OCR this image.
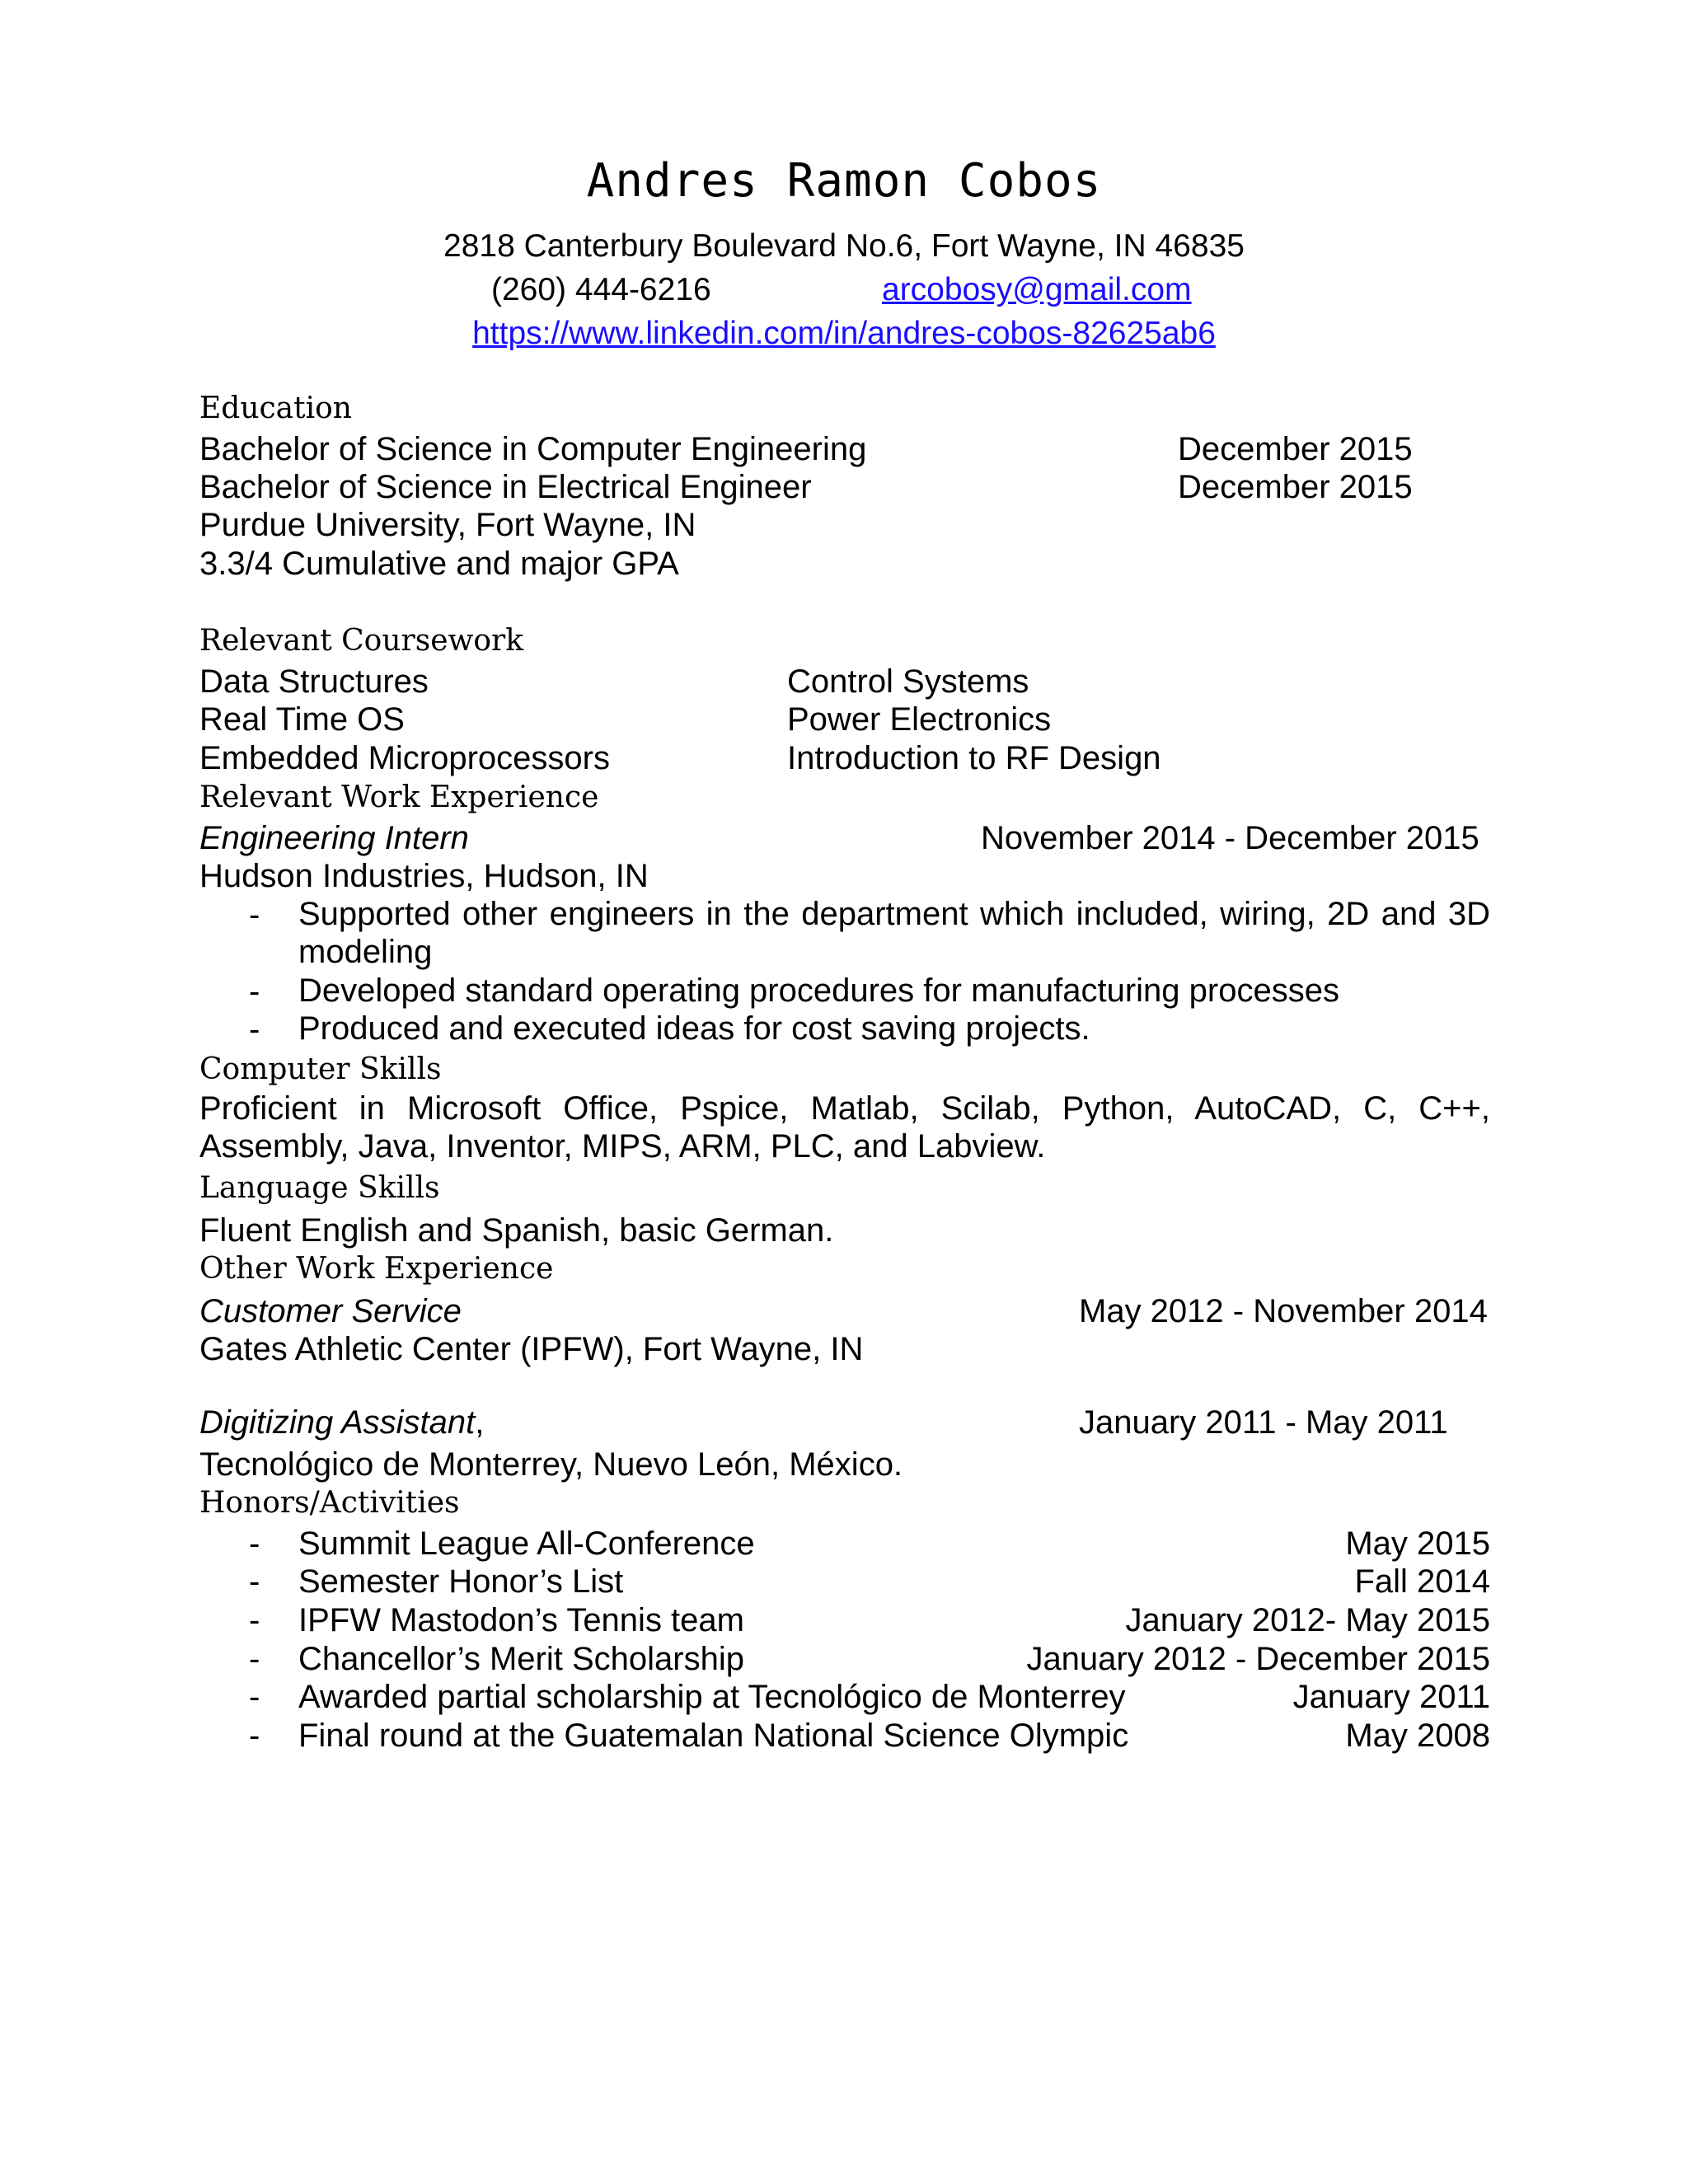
Andres Ramon Cobos
2818 Canterbury Boulevard No.6, Fort Wayne, IN 46835
(260) 444-6216	arcobosy@gmail.com
https://www.linkedin.com/in/andres-cobos-82625ab6
Education
Bachelor of Science in Computer Engineering	December 2015
Bachelor of Science in Electrical Engineer	December 2015
Purdue University, Fort Wayne, IN
3.3/4 Cumulative and major GPA
Relevant Coursework
Data Structures	Control Systems
Real Time OS	Power Electronics
Embedded Microprocessors	Introduction to RF Design
Relevant Work Experience
Engineering Intern	November 2014 - December 2015
Hudson Industries, Hudson, IN
- Supported other engineers in the department which included, wiring, 2D and 3D modeling
- Developed standard operating procedures for manufacturing processes
- Produced and executed ideas for cost saving projects.
Computer Skills
Proficient in Microsoft Office, Pspice, Matlab, Scilab, Python, AutoCAD, C, C++, Assembly, Java, Inventor, MIPS, ARM, PLC, and Labview.
Language Skills
Fluent English and Spanish, basic German.
Other Work Experience
Customer Service	May 2012 - November 2014
Gates Athletic Center (IPFW), Fort Wayne, IN
Digitizing Assistant,	January 2011 - May 2011
Tecnológico de Monterrey, Nuevo León, México.
Honors/Activities
- Summit League All-Conference	May 2015
- Semester Honor’s List	Fall 2014
- IPFW Mastodon’s Tennis team	January 2012- May 2015
- Chancellor’s Merit Scholarship	January 2012 - December 2015
- Awarded partial scholarship at Tecnológico de Monterrey	January 2011
- Final round at the Guatemalan National Science Olympic	May 2008
